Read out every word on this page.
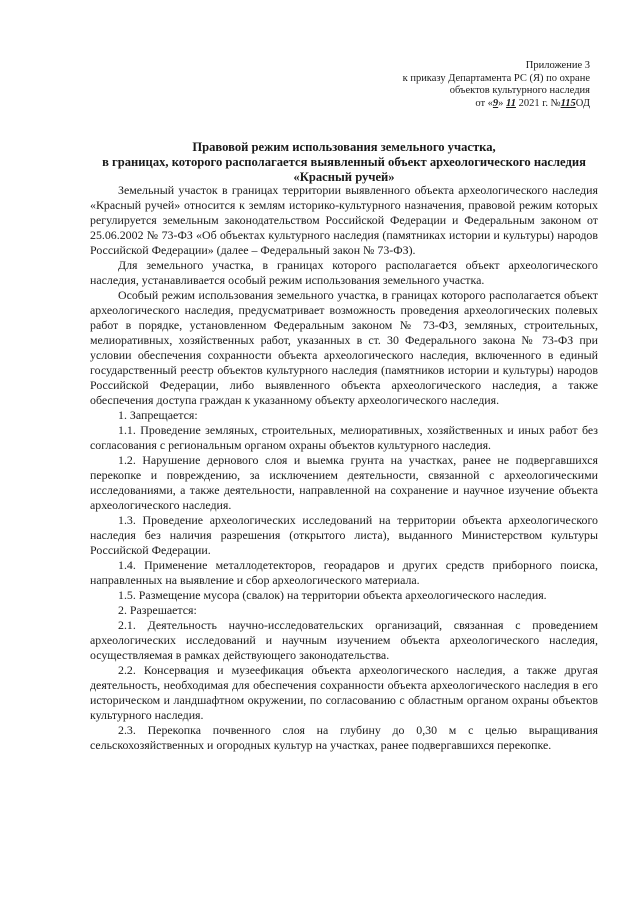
Приложение 3
к приказу Департамента РС (Я) по охране
объектов культурного наследия
от «9» 11 2021 г. №115ОД
Правовой режим использования земельного участка,
в границах, которого располагается выявленный объект археологического наследия
«Красный ручей»

Земельный участок в границах территории выявленного объекта археологического наследия «Красный ручей» относится к землям историко-культурного назначения, правовой режим которых регулируется земельным законодательством Российской Федерации и Федеральным законом от 25.06.2002 № 73-ФЗ «Об объектах культурного наследия (памятниках истории и культуры) народов Российской Федерации» (далее – Федеральный закон № 73-ФЗ).

Для земельного участка, в границах которого располагается объект археологического наследия, устанавливается особый режим использования земельного участка.

Особый режим использования земельного участка, в границах которого располагается объект археологического наследия, предусматривает возможность проведения археологических полевых работ в порядке, установленном Федеральным законом № 73-ФЗ, земляных, строительных, мелиоративных, хозяйственных работ, указанных в ст. 30 Федерального закона № 73-ФЗ при условии обеспечения сохранности объекта археологического наследия, включенного в единый государственный реестр объектов культурного наследия (памятников истории и культуры) народов Российской Федерации, либо выявленного объекта археологического наследия, а также обеспечения доступа граждан к указанному объекту археологического наследия.

1. Запрещается:

1.1. Проведение земляных, строительных, мелиоративных, хозяйственных и иных работ без согласования с региональным органом охраны объектов культурного наследия.

1.2. Нарушение дернового слоя и выемка грунта на участках, ранее не подвергавшихся перекопке и повреждению, за исключением деятельности, связанной с археологическими исследованиями, а также деятельности, направленной на сохранение и научное изучение объекта археологического наследия.

1.3. Проведение археологических исследований на территории объекта археологического наследия без наличия разрешения (открытого листа), выданного Министерством культуры Российской Федерации.

1.4. Применение металлодетекторов, георадаров и других средств приборного поиска, направленных на выявление и сбор археологического материала.

1.5. Размещение мусора (свалок) на территории объекта археологического наследия.

2. Разрешается:

2.1. Деятельность научно-исследовательских организаций, связанная с проведением археологических исследований и научным изучением объекта археологического наследия, осуществляемая в рамках действующего законодательства.

2.2. Консервация и музеефикация объекта археологического наследия, а также другая деятельность, необходимая для обеспечения сохранности объекта археологического наследия в его историческом и ландшафтном окружении, по согласованию с областным органом охраны объектов культурного наследия.

2.3. Перекопка почвенного слоя на глубину до 0,30 м с целью выращивания сельскохозяйственных и огородных культур на участках, ранее подвергавшихся перекопке.
